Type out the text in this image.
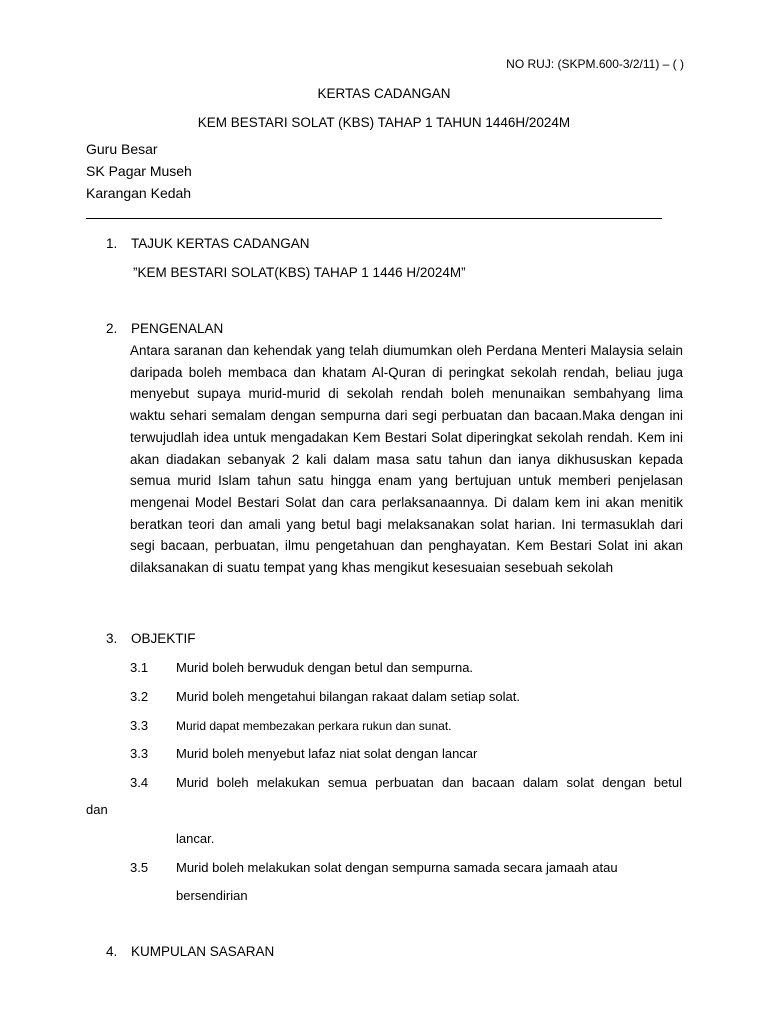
NO RUJ: (SKPM.600-3/2/11) – ( )
KERTAS CADANGAN
KEM BESTARI SOLAT (KBS) TAHAP 1 TAHUN 1446H/2024M
Guru Besar
SK Pagar Museh
Karangan Kedah
1. TAJUK KERTAS CADANGAN
”KEM BESTARI SOLAT(KBS) TAHAP 1 1446 H/2024M”
2. PENGENALAN
Antara saranan dan kehendak yang telah diumumkan oleh Perdana Menteri Malaysia selain daripada boleh membaca dan khatam Al-Quran di peringkat sekolah rendah, beliau juga menyebut supaya murid-murid di sekolah rendah boleh menunaikan sembahyang lima waktu sehari semalam dengan sempurna dari segi perbuatan dan bacaan.Maka dengan ini terwujudlah idea untuk mengadakan Kem Bestari Solat diperingkat sekolah rendah. Kem ini akan diadakan sebanyak 2 kali dalam masa satu tahun dan ianya dikhususkan kepada semua murid Islam tahun satu hingga enam yang bertujuan untuk memberi penjelasan mengenai Model Bestari Solat dan cara perlaksanaannya. Di dalam kem ini akan menitik beratkan teori dan amali yang betul bagi melaksanakan solat harian. Ini termasuklah dari segi bacaan, perbuatan, ilmu pengetahuan dan penghayatan. Kem Bestari Solat ini akan dilaksanakan di suatu tempat yang khas mengikut kesesuaian sesebuah sekolah
3. OBJEKTIF
3.1 Murid boleh berwuduk dengan betul dan sempurna.
3.2 Murid boleh mengetahui bilangan rakaat dalam setiap solat.
3.3 Murid dapat membezakan perkara rukun dan sunat.
3.3 Murid boleh menyebut lafaz niat solat dengan lancar
3.4 Murid boleh melakukan semua perbuatan dan bacaan dalam solat dengan betul
dan
lancar.
3.5 Murid boleh melakukan solat dengan sempurna samada secara jamaah atau
bersendirian
4. KUMPULAN SASARAN
